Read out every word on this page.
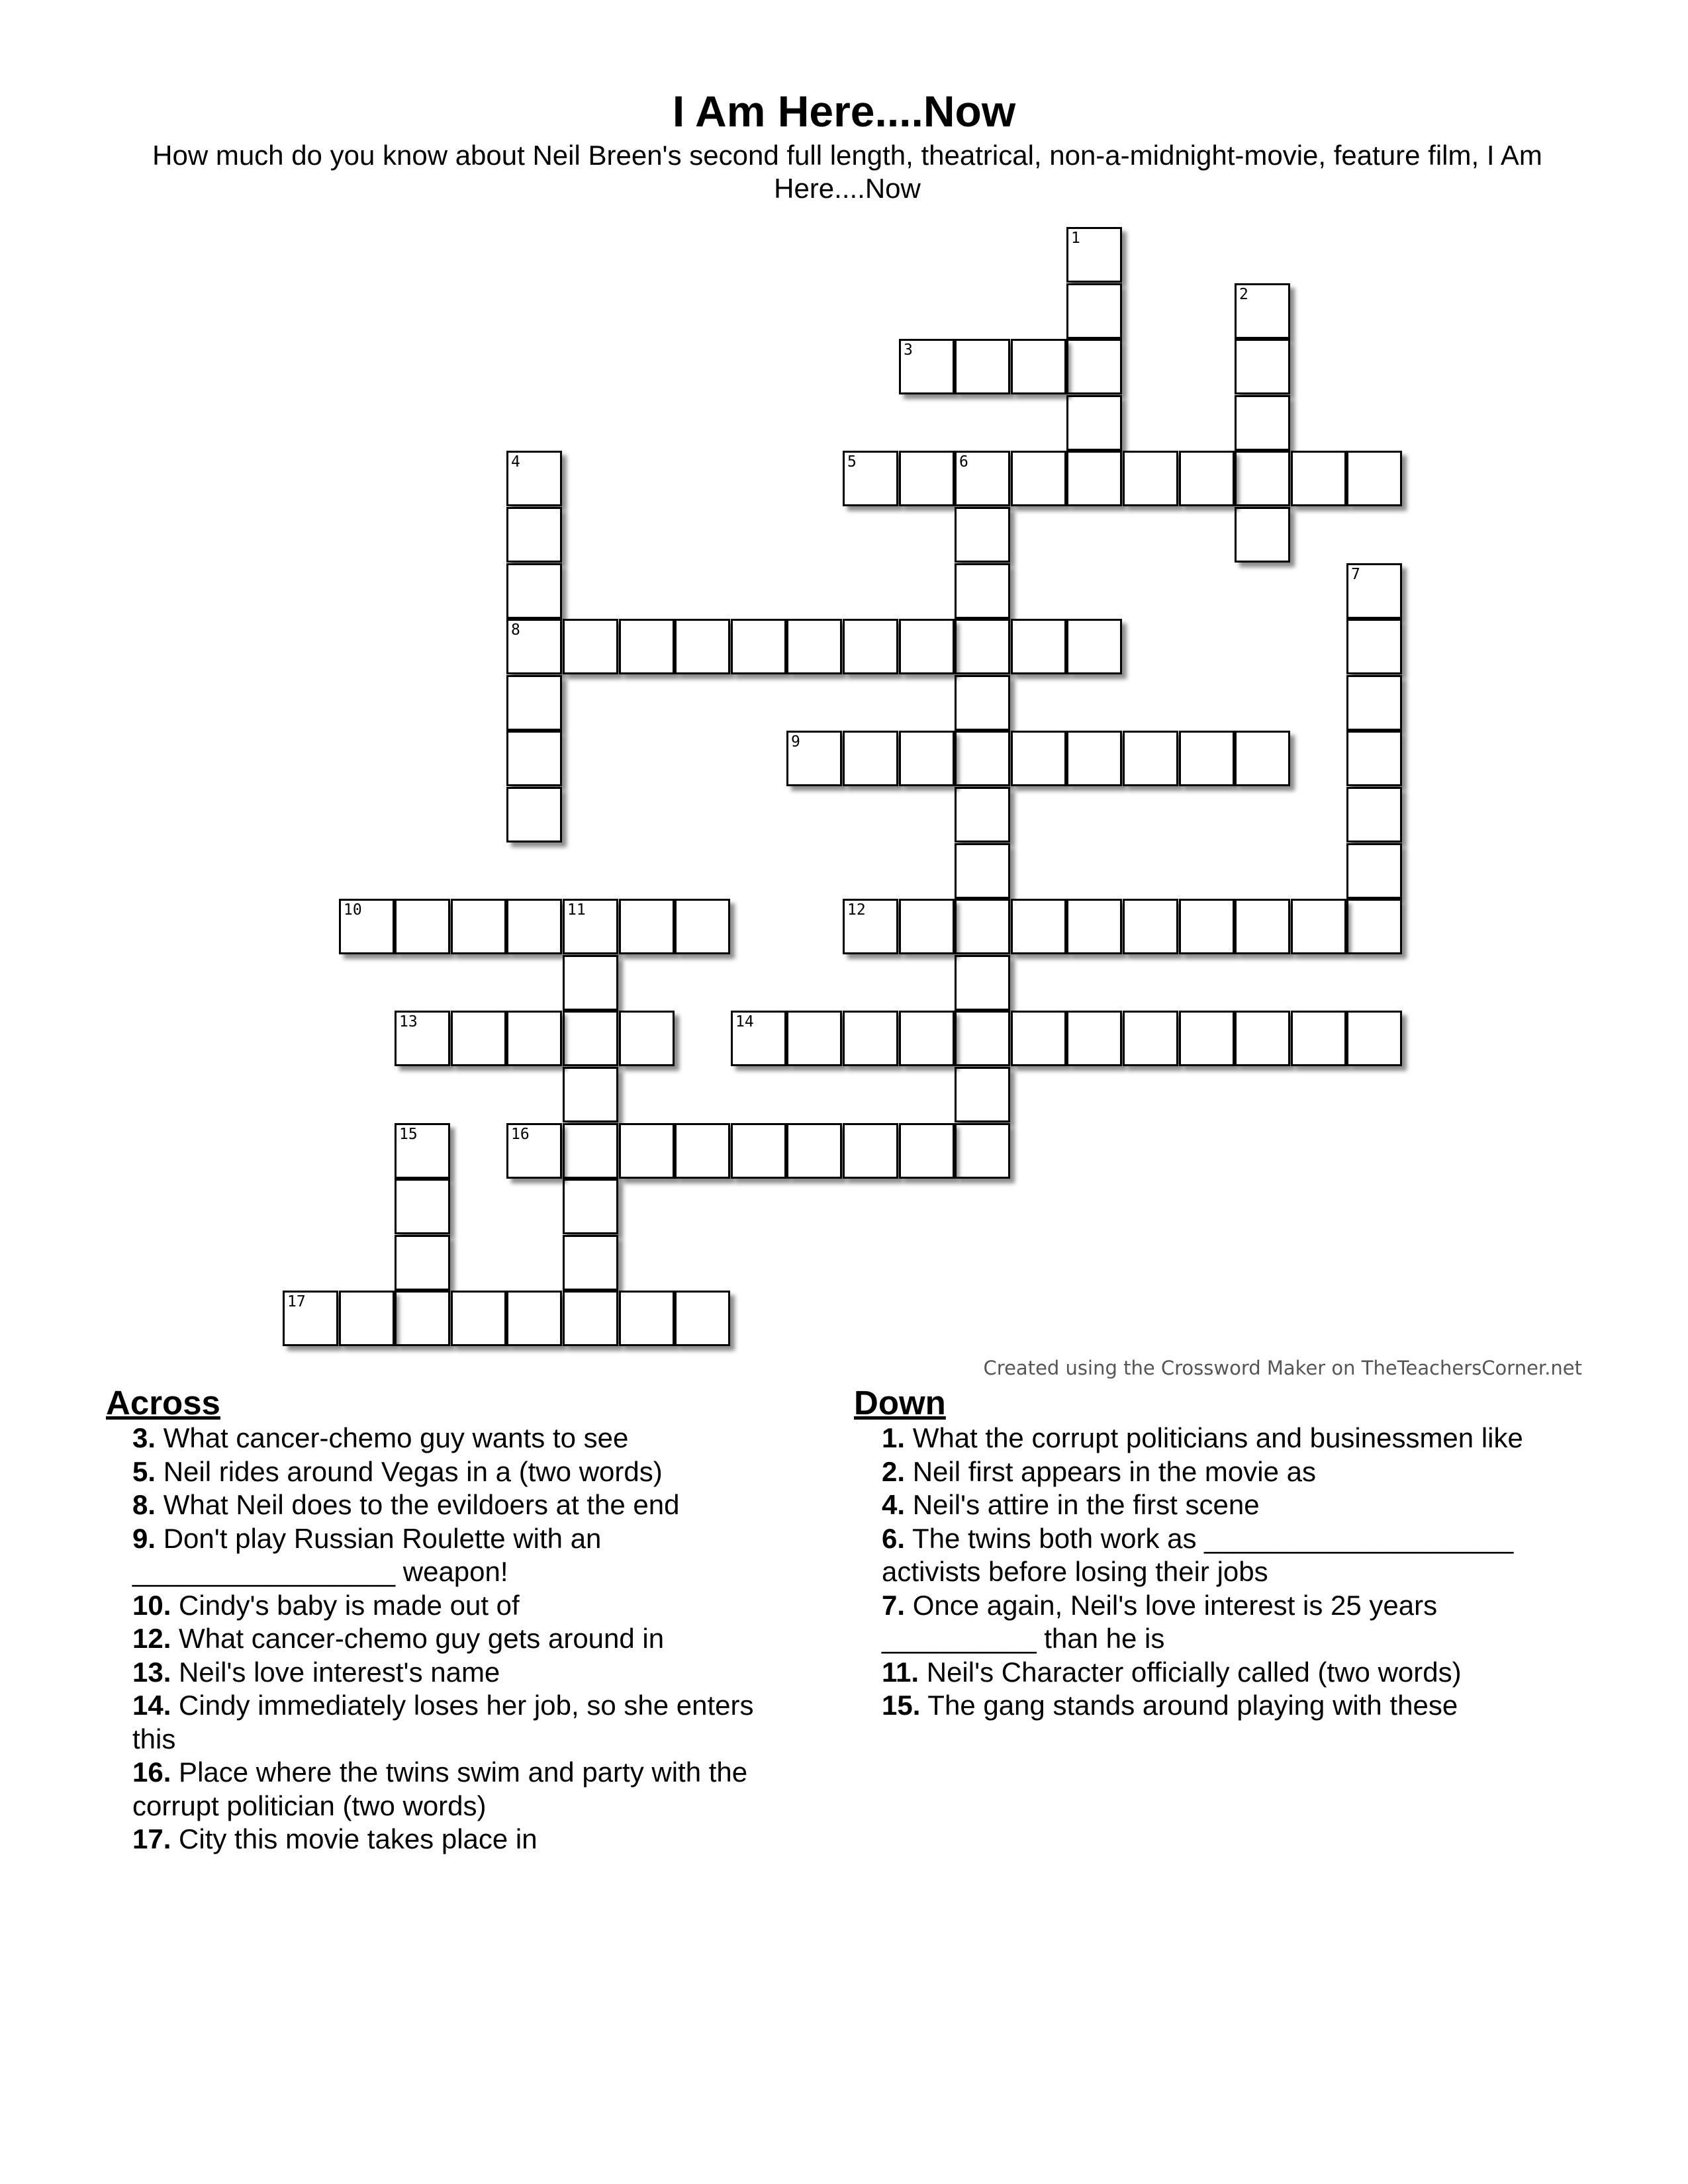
I Am Here....Now
How much do you know about Neil Breen's second full length, theatrical, non-a-midnight-movie, feature film, I Am Here....Now
1
2
3
4
8
5	6
7
9
10	11	12
13	14
15	16
17
Created using the Crossword Maker on TheTeachersCorner.net
Across	Down
3. What cancer-chemo guy wants to see
5. Neil rides around Vegas in a (two words)
8. What Neil does to the evildoers at the end
9. Don't play Russian Roulette with an _________________ weapon!
10. Cindy's baby is made out of
12. What cancer-chemo guy gets around in
13. Neil's love interest's name
14. Cindy immediately loses her job, so she enters this
16. Place where the twins swim and party with the corrupt politician (two words)
17. City this movie takes place in
1. What the corrupt politicians and businessmen like
2. Neil first appears in the movie as
4. Neil's attire in the first scene
6. The twins both work as ____________________ activists before losing their jobs
7. Once again, Neil's love interest is 25 years __________ than he is
11. Neil's Character officially called (two words)
15. The gang stands around playing with these
